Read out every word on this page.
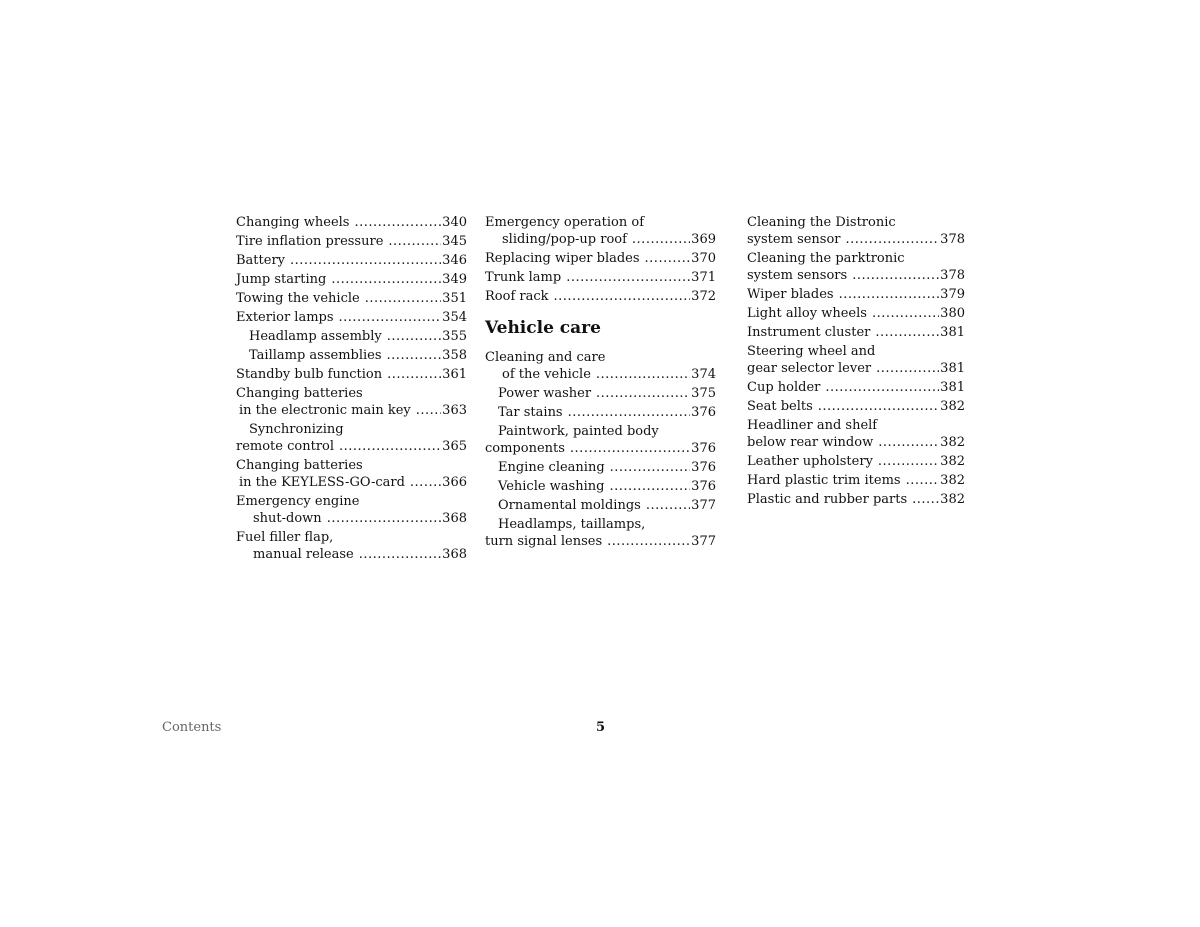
Changing wheels .....	340
Tire inflation pressure .....	345
Battery .....	346
Jump starting .....	349
Towing the vehicle .....	351
Exterior lamps .....	354
Headlamp assembly .....	355
Taillamp assemblies .....	358
Standby bulb function .....	361
Changing batteries
in the electronic main key ..... 363
Synchronizing
remote control .....	365
Changing batteries
in the KEYLESS-GO-card .....	366
Emergency engine
shut-down .....	368
Fuel filler flap,
manual release .....	368
Emergency operation of
sliding/pop-up roof .....	369
Replacing wiper blades .....	370
Trunk lamp .....	371
Roof rack .....	372
Vehicle care
Cleaning and care
of the vehicle .....	374
Power washer .....	375
Tar stains .....	376
Paintwork, painted body
components .....	376
Engine cleaning .....	376
Vehicle washing .....	376
Ornamental moldings .....	377
Headlamps, taillamps,
turn signal lenses .....	377
Cleaning the Distronic
system sensor .....	378
Cleaning the parktronic
system sensors .....	378
Wiper blades .....	379
Light alloy wheels .....	380
Instrument cluster .....	381
Steering wheel and
gear selector lever .....	381
Cup holder .....	381
Seat belts .....	382
Headliner and shelf
below rear window .....	382
Leather upholstery .....	382
Hard plastic trim items .....	382
Plastic and rubber parts .....	382
Contents	5
